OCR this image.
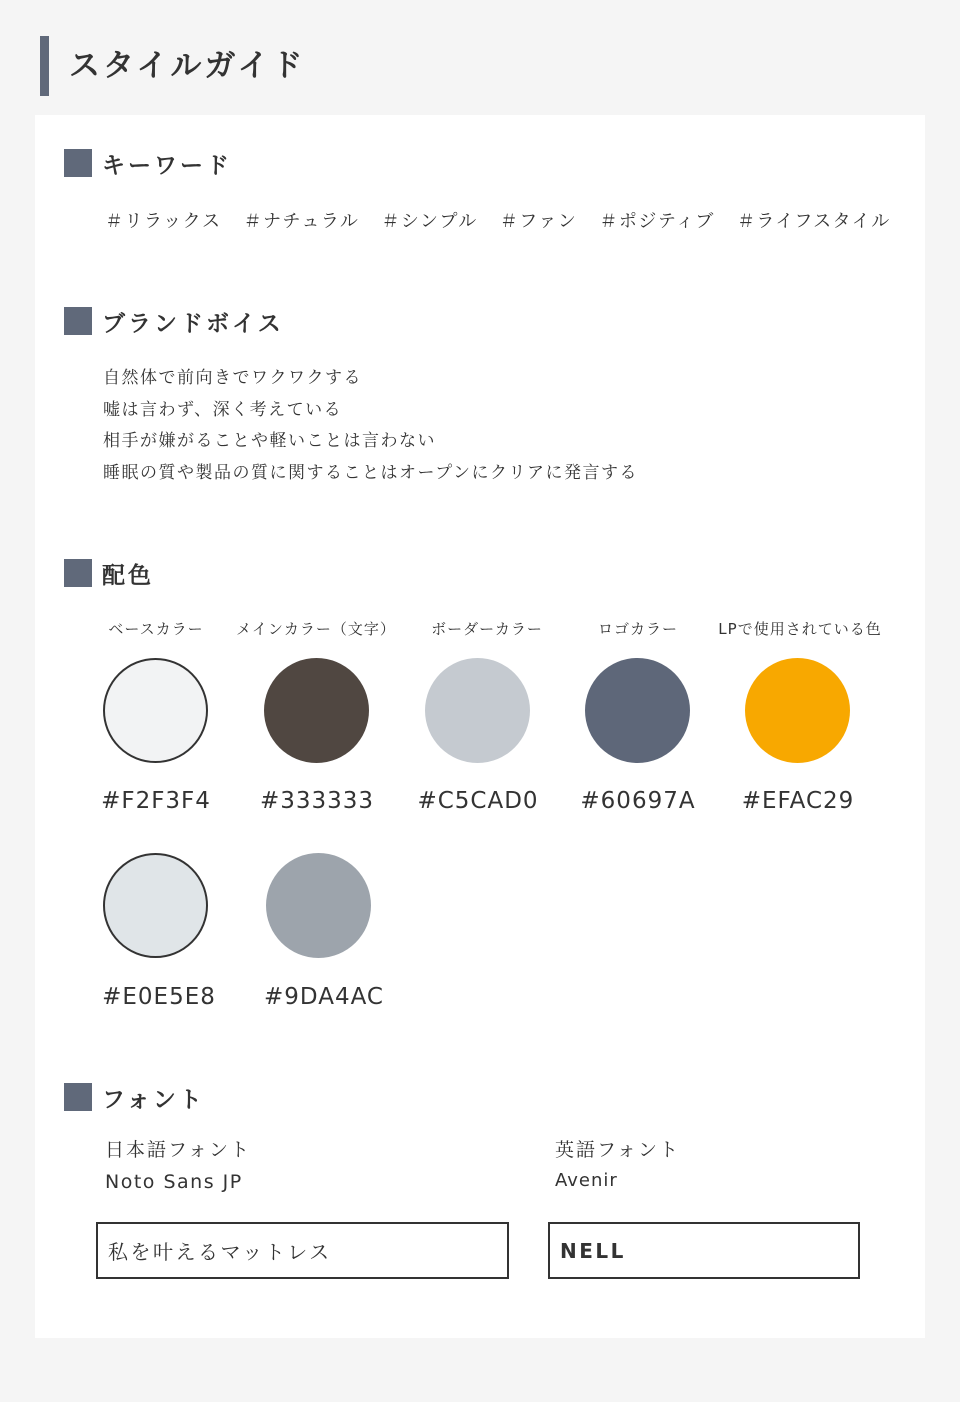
スタイルガイド
キーワード
＃リラックス ＃ナチュラル ＃シンプル ＃ファン ＃ポジティブ ＃ライフスタイル
ブランドボイス
自然体で前向きでワクワクする
嘘は言わず、深く考えている
相手が嫌がることや軽いことは言わない
睡眠の質や製品の質に関することはオープンにクリアに発言する
配色
ベースカラー	メインカラー（文字）	ボーダーカラー	ロゴカラー	LPで使用されている色
#F2F3F4	#333333	#C5CAD0	#60697A	#EFAC29
#E0E5E8	#9DA4AC
フォント
日本語フォント
Noto Sans JP
英語フォント
Avenir
私を叶えるマットレス	NELL
